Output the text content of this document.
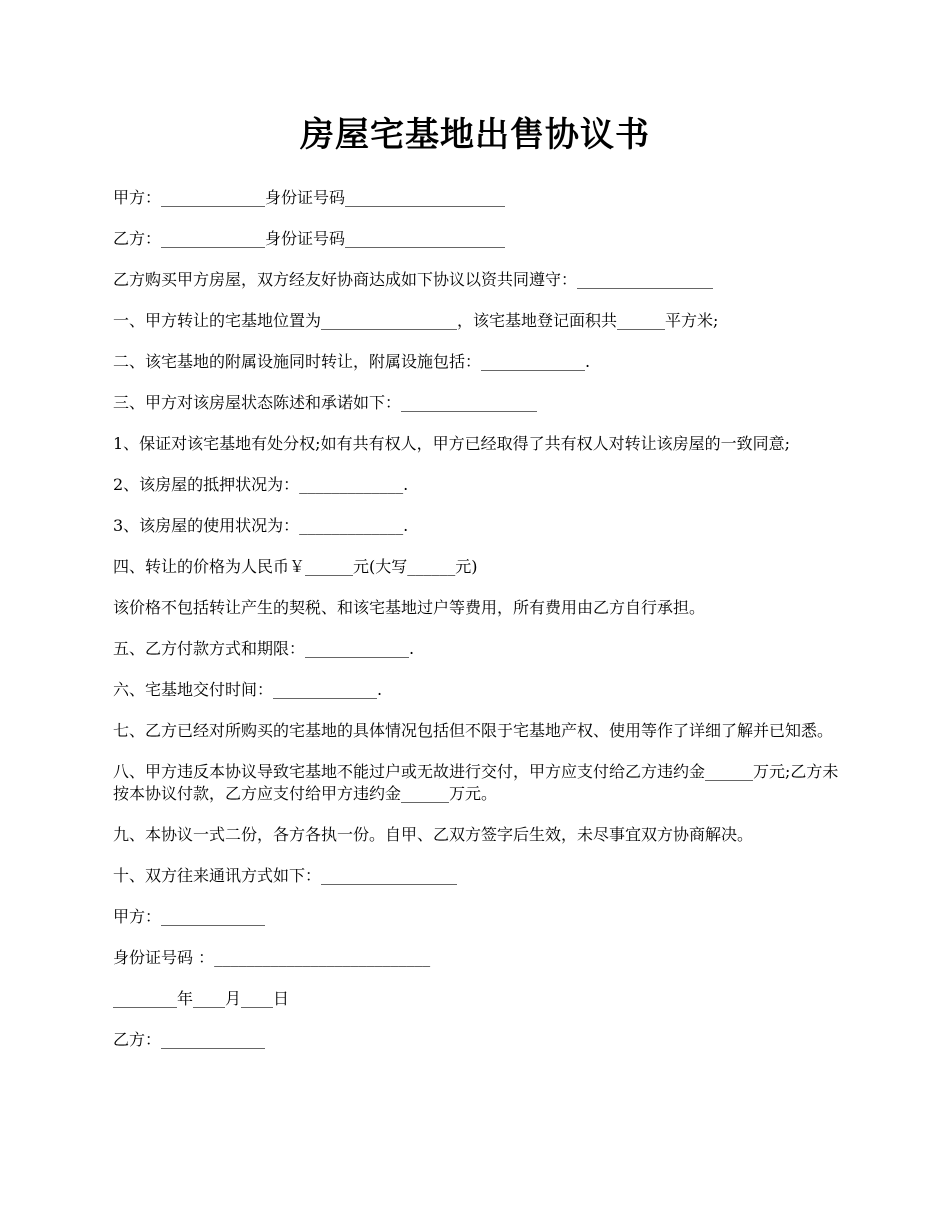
房屋宅基地出售协议书

甲方：_____________身份证号码____________________

乙方：_____________身份证号码____________________

乙方购买甲方房屋，双方经友好协商达成如下协议以资共同遵守：_________________

一、甲方转让的宅基地位置为_________________，该宅基地登记面积共______平方米;

二、该宅基地的附属设施同时转让，附属设施包括：_____________.

三、甲方对该房屋状态陈述和承诺如下：_________________

1、保证对该宅基地有处分权;如有共有权人，甲方已经取得了共有权人对转让该房屋的一致同意;

2、该房屋的抵押状况为：_____________.

3、该房屋的使用状况为：_____________.

四、转让的价格为人民币￥______元(大写______元)

该价格不包括转让产生的契税、和该宅基地过户等费用，所有费用由乙方自行承担。

五、乙方付款方式和期限：_____________.

六、宅基地交付时间：_____________.

七、乙方已经对所购买的宅基地的具体情况包括但不限于宅基地产权、使用等作了详细了解并已知悉。

八、甲方违反本协议导致宅基地不能过户或无故进行交付，甲方应支付给乙方违约金______万元;乙方未按本协议付款，乙方应支付给甲方违约金______万元。

九、本协议一式二份，各方各执一份。自甲、乙双方签字后生效，未尽事宜双方协商解决。

十、双方往来通讯方式如下：_________________

甲方：_____________

身份证号码 ：___________________________

________年____月____日

乙方：_____________
